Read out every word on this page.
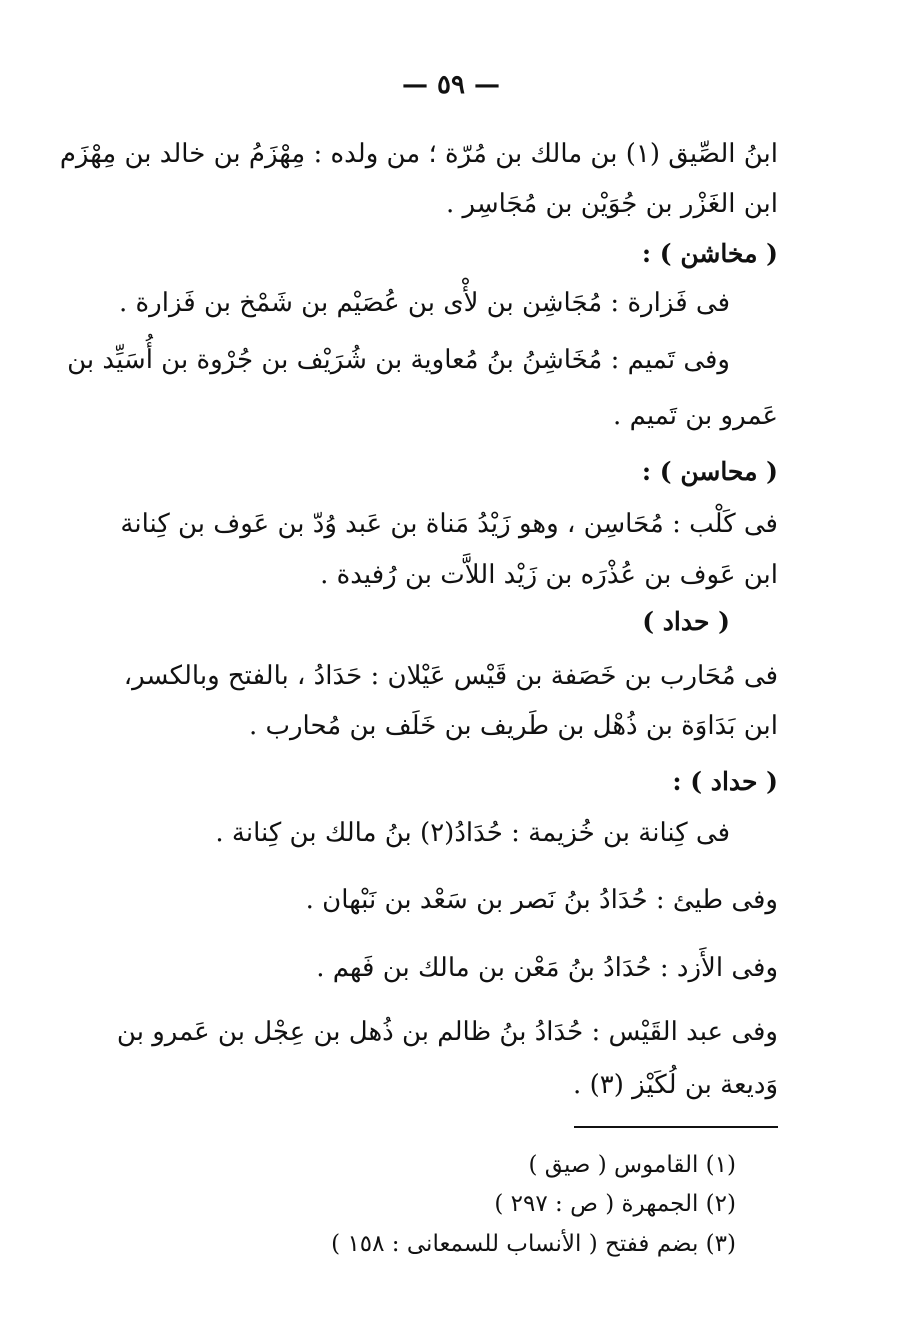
— ٥٩ —
ابنُ الصِّيق (١) بن مالك بن مُرّة ؛ من ولده : مِهْزَمُ بن خالد بن مِهْزَم
ابن الغَزْر بن جُوَيْن بن مُجَاسِر .
( مخاشن ) :
فى فَزارة : مُجَاشِن بن لأْى بن عُصَيْم بن شَمْخ بن فَزارة .
وفى تَميم : مُخَاشِنُ بنُ مُعاوية بن شُرَيْف بن جُرْوة بن أُسَيِّد بن
عَمرو بن تَميم .
( محاسن ) :
فى كَلْب : مُحَاسِن ، وهو زَيْدُ مَناة بن عَبد وُدّ بن عَوف بن كِنانة
ابن عَوف بن عُذْرَه بن زَيْد اللاَّت بن رُفيدة .
( حداد )
فى مُحَارب بن خَصَفة بن قَيْس عَيْلان : حَدَادُ ، بالفتح وبالكسر،
ابن بَدَاوَة بن ذُهْل بن طَريف بن خَلَف بن مُحارب .
( حداد ) :
فى كِنانة بن خُزيمة : حُدَادُ(٢) بنُ مالك بن كِنانة .
وفى طيئ : حُدَادُ بنُ نَصر بن سَعْد بن نَبْهان .
وفى الأَزد : حُدَادُ بنُ مَعْن بن مالك بن فَهم .
وفى عبد القَيْس : حُدَادُ بنُ ظالم بن ذُهل بن عِجْل بن عَمرو بن
وَديعة بن لُكَيْز (٣) .
(١) القاموس ( صيق )
(٢) الجمهرة ( ص : ٢٩٧ )
(٣) بضم ففتح ( الأنساب للسمعانى : ١٥٨ )
